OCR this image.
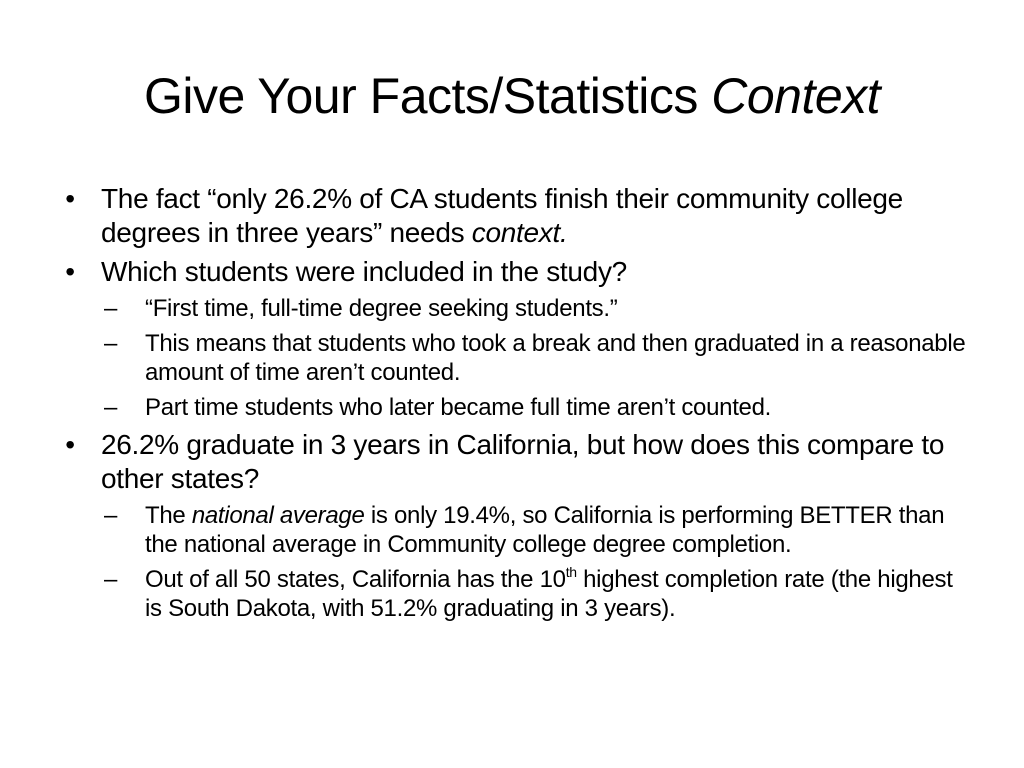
Give Your Facts/Statistics Context
• The fact “only 26.2% of CA students finish their community college degrees in three years” needs context.
• Which students were included in the study?
–	“First time, full-time degree seeking students.”
–	This means that students who took a break and then graduated in a reasonable amount of time aren’t counted.
–	Part time students who later became full time aren’t counted.
• 26.2% graduate in 3 years in California, but how does this compare to other states?
–	The national average is only 19.4%, so California is performing BETTER than the national average in Community college degree completion.
–	Out of all 50 states, California has the 10th highest completion rate (the highest is South Dakota, with 51.2% graduating in 3 years).
